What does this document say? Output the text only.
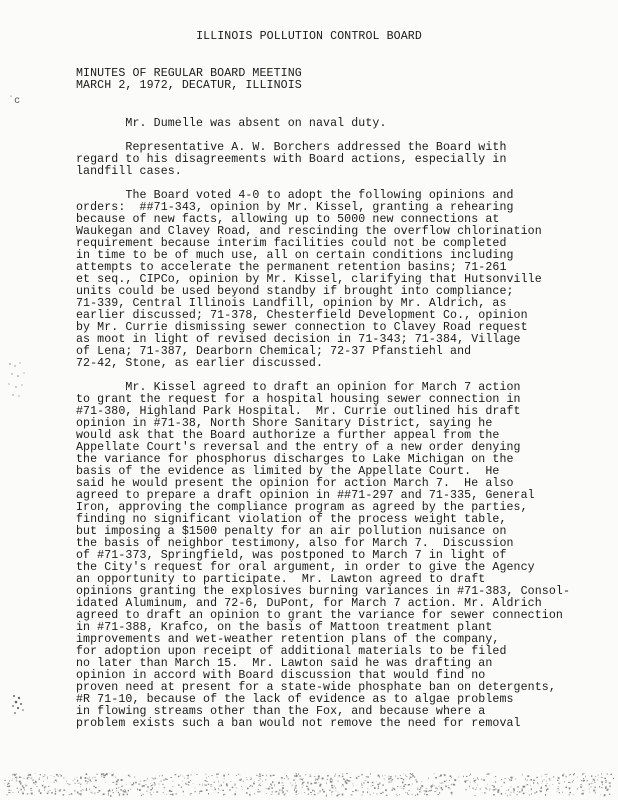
ILLINOIS POLLUTION CONTROL BOARD
MINUTES OF REGULAR BOARD MEETING
MARCH 2, 1972, DECATUR, ILLINOIS
ˈc
Mr. Dumelle was absent on naval duty.
Representative A. W. Borchers addressed the Board with
regard to his disagreements with Board actions, especially in
landfill cases.
The Board voted 4-0 to adopt the following opinions and
orders:  ##71-343, opinion by Mr. Kissel, granting a rehearing
because of new facts, allowing up to 5000 new connections at
Waukegan and Clavey Road, and rescinding the overflow chlorination
requirement because interim facilities could not be completed
in time to be of much use, all on certain conditions including
attempts to accelerate the permanent retention basins; 71-261
et seq., CIPCo, opinion by Mr. Kissel, clarifying that Hutsonville
units could be used beyond standby if brought into compliance;
71-339, Central Illinois Landfill, opinion by Mr. Aldrich, as
earlier discussed; 71-378, Chesterfield Development Co., opinion
by Mr. Currie dismissing sewer connection to Clavey Road request
as moot in light of revised decision in 71-343; 71-384, Village
of Lena; 71-387, Dearborn Chemical; 72-37 Pfanstiehl and
72-42, Stone, as earlier discussed.
Mr. Kissel agreed to draft an opinion for March 7 action
to grant the request for a hospital housing sewer connection in
#71-380, Highland Park Hospital.  Mr. Currie outlined his draft
opinion in #71-38, North Shore Sanitary District, saying he
would ask that the Board authorize a further appeal from the
Appellate Court's reversal and the entry of a new order denying
the variance for phosphorus discharges to Lake Michigan on the
basis of the evidence as limited by the Appellate Court.  He
said he would present the opinion for action March 7.  He also
agreed to prepare a draft opinion in ##71-297 and 71-335, General
Iron, approving the compliance program as agreed by the parties,
finding no significant violation of the process weight table,
but imposing a $1500 penalty for an air pollution nuisance on
the basis of neighbor testimony, also for March 7.  Discussion
of #71-373, Springfield, was postponed to March 7 in light of
the City's request for oral argument, in order to give the Agency
an opportunity to participate.  Mr. Lawton agreed to draft
opinions granting the explosives burning variances in #71-383, Consol-
idated Aluminum, and 72-6, DuPont, for March 7 action. Mr. Aldrich
agreed to draft an opinion to grant the variance for sewer connection
in #71-388, Krafco, on the basis of Mattoon treatment plant
improvements and wet-weather retention plans of the company,
for adoption upon receipt of additional materials to be filed
no later than March 15.  Mr. Lawton said he was drafting an
opinion in accord with Board discussion that would find no
proven need at present for a state-wide phosphate ban on detergents,
#R 71-10, because of the lack of evidence as to algae problems
in flowing streams other than the Fox, and because where a
problem exists such a ban would not remove the need for removal
